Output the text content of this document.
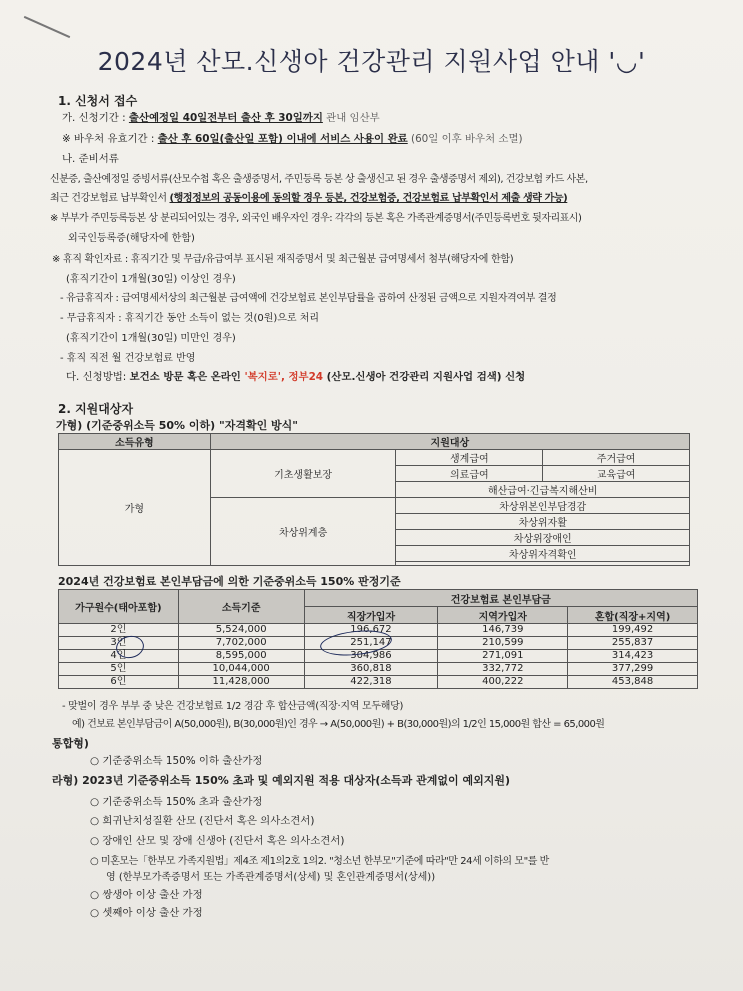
2024년 산모.신생아 건강관리 지원사업 안내 '◡'
1. 신청서 접수
가. 신청기간 : 출산예정일 40일전부터 출산 후 30일까지 관내 임산부
※ 바우처 유효기간 : 출산 후 60일(출산일 포함) 이내에 서비스 사용이 완료 (60일 이후 바우처 소멸)
나. 준비서류
신분증, 출산예정일 증빙서류(산모수첩 혹은 출생증명서, 주민등록 등본 상 출생신고 된 경우 출생증명서 제외), 건강보험 카드 사본,
최근 건강보험료 납부확인서 (행정정보의 공동이용에 동의할 경우 등본, 건강보험증, 건강보험료 납부확인서 제출 생략 가능)
※ 부부가 주민등록등본 상 분리되어있는 경우, 외국인 배우자인 경우: 각각의 등본 혹은 가족관계증명서(주민등록번호 뒷자리표시)
외국인등록증(해당자에 한함)
※ 휴직 확인자료 : 휴직기간 및 무급/유급여부 표시된 재직증명서 및 최근월분 급여명세서 첨부(해당자에 한함)
(휴직기간이 1개월(30일) 이상인 경우)
- 유급휴직자 : 급여명세서상의 최근월분 급여액에 건강보험료 본인부담률을 곱하여 산정된 금액으로 지원자격여부 결정
- 무급휴직자 : 휴직기간 동안 소득이 없는 것(0원)으로 처리
(휴직기간이 1개월(30일) 미만인 경우)
- 휴직 직전 월 건강보험료 반영
다. 신청방법: 보건소 방문 혹은 온라인 '복지로', 정부24 (산모.신생아 건강관리 지원사업 검색) 신청
2. 지원대상자
가형) (기준중위소득 50% 이하) "자격확인 방식"
소득유형	지원대상		
가형	기초생활보장	생계급여	주거급여
		의료급여	교육급여
		해산급여·긴급복지해산비	
	차상위계층	차상위본인부담경감	
		차상위자활	
		차상위장애인	
		차상위자격확인	

2024년 건강보험료 본인부담금에 의한 기준중위소득 150% 판정기준
가구원수(태아포함)	소득기준	건강보험료 본인부담금		
		직장가입자	지역가입자	혼합(직장+지역)
2인	5,524,000	196,672	146,739	199,492
3인	7,702,000	251,147	210,599	255,837
4인	8,595,000	304,986	271,091	314,423
5인	10,044,000	360,818	332,772	377,299
6인	11,428,000	422,318	400,222	453,848
- 맞벌이 경우 부부 중 낮은 건강보험료 1/2 경감 후 합산금액(직장·지역 모두해당)
예) 건보료 본인부담금이 A(50,000원), B(30,000원)인 경우 → A(50,000원) + B(30,000원)의 1/2인 15,000원 합산 = 65,000원
통합형)
○ 기준중위소득 150% 이하 출산가정
라형) 2023년 기준중위소득 150% 초과 및 예외지원 적용 대상자(소득과 관계없이 예외지원)
○ 기준중위소득 150% 초과 출산가정
○ 희귀난치성질환 산모 (진단서 혹은 의사소견서)
○ 장애인 산모 및 장애 신생아 (진단서 혹은 의사소견서)
○ 미혼모는「한부모 가족지원법」제4조 제1의2호 1의2. "청소년 한부모"기준에 따라"만 24세 이하의 모"를 반
영 (한부모가족증명서 또는 가족관계증명서(상세) 및 혼인관계증명서(상세))
○ 쌍생아 이상 출산 가정
○ 셋째아 이상 출산 가정
